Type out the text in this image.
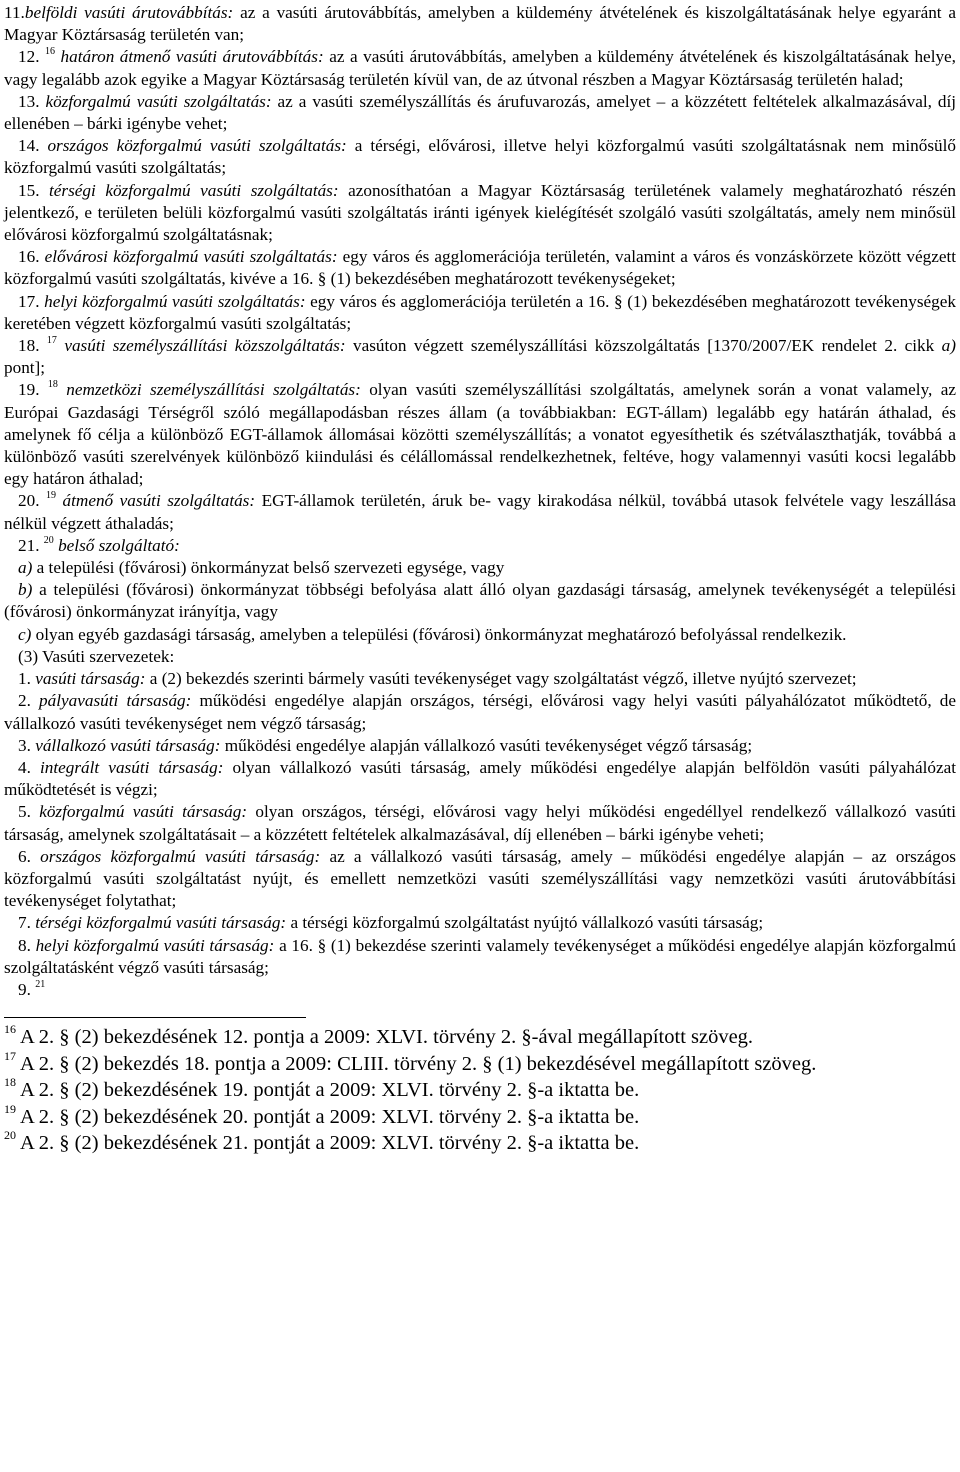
11.belföldi vasúti árutovábbítás: az a vasúti árutovábbítás, amelyben a küldemény átvételének és kiszolgáltatásának helye egyaránt a Magyar Köztársaság területén van;

12. $^{16}$ határon átmenő vasúti árutovábbítás: az a vasúti árutovábbítás, amelyben a küldemény átvételének és kiszolgáltatásának helye, vagy legalább azok egyike a Magyar Köztársaság területén kívül van, de az útvonal részben a Magyar Köztársaság területén halad;

13. közforgalmú vasúti szolgáltatás: az a vasúti személyszállítás és árufuvarozás, amelyet – a közzétett feltételek alkalmazásával, díj ellenében – bárki igénybe vehet;

14. országos közforgalmú vasúti szolgáltatás: a térségi, elővárosi, illetve helyi közforgalmú vasúti szolgáltatásnak nem minősülő közforgalmú vasúti szolgáltatás;

15. térségi közforgalmú vasúti szolgáltatás: azonosíthatóan a Magyar Köztársaság területének valamely meghatározható részén jelentkező, e területen belüli közforgalmú vasúti szolgáltatás iránti igények kielégítését szolgáló vasúti szolgáltatás, amely nem minősül elővárosi közforgalmú szolgáltatásnak;

16. elővárosi közforgalmú vasúti szolgáltatás: egy város és agglomerációja területén, valamint a város és vonzáskörzete között végzett közforgalmú vasúti szolgáltatás, kivéve a 16. § (1) bekezdésében meghatározott tevékenységeket;

17. helyi közforgalmú vasúti szolgáltatás: egy város és agglomerációja területén a 16. § (1) bekezdésében meghatározott tevékenységek keretében végzett közforgalmú vasúti szolgáltatás;

18. $^{17}$ vasúti személyszállítási közszolgáltatás: vasúton végzett személyszállítási közszolgáltatás [1370/2007/EK rendelet 2. cikk a) pont];

19. $^{18}$ nemzetközi személyszállítási szolgáltatás: olyan vasúti személyszállítási szolgáltatás, amelynek során a vonat valamely, az Európai Gazdasági Térségről szóló megállapodásban részes állam (a továbbiakban: EGT-állam) legalább egy határán áthalad, és amelynek fő célja a különböző EGT-államok állomásai közötti személyszállítás; a vonatot egyesíthetik és szétválaszthatják, továbbá a különböző vasúti szerelvények különböző kiindulási és célállomással rendelkezhetnek, feltéve, hogy valamennyi vasúti kocsi legalább egy határon áthalad;

20. $^{19}$ átmenő vasúti szolgáltatás: EGT-államok területén, áruk be- vagy kirakodása nélkül, továbbá utasok felvétele vagy leszállása nélkül végzett áthaladás;

21. $^{20}$ belső szolgáltató:

a) a települési (fővárosi) önkormányzat belső szervezeti egysége, vagy

b) a települési (fővárosi) önkormányzat többségi befolyása alatt álló olyan gazdasági társaság, amelynek tevékenységét a települési (fővárosi) önkormányzat irányítja, vagy

c) olyan egyéb gazdasági társaság, amelyben a települési (fővárosi) önkormányzat meghatározó befolyással rendelkezik.

(3) Vasúti szervezetek:

1. vasúti társaság: a (2) bekezdés szerinti bármely vasúti tevékenységet vagy szolgáltatást végző, illetve nyújtó szervezet;

2. pályavasúti társaság: működési engedélye alapján országos, térségi, elővárosi vagy helyi vasúti pályahálózatot működtető, de vállalkozó vasúti tevékenységet nem végző társaság;

3. vállalkozó vasúti társaság: működési engedélye alapján vállalkozó vasúti tevékenységet végző társaság;

4. integrált vasúti társaság: olyan vállalkozó vasúti társaság, amely működési engedélye alapján belföldön vasúti pályahálózat működtetését is végzi;

5. közforgalmú vasúti társaság: olyan országos, térségi, elővárosi vagy helyi működési engedéllyel rendelkező vállalkozó vasúti társaság, amelynek szolgáltatásait – a közzétett feltételek alkalmazásával, díj ellenében – bárki igénybe veheti;

6. országos közforgalmú vasúti társaság: az a vállalkozó vasúti társaság, amely – működési engedélye alapján – az országos közforgalmú vasúti szolgáltatást nyújt, és emellett nemzetközi vasúti személyszállítási vagy nemzetközi vasúti árutovábbítási tevékenységet folytathat;

7. térségi közforgalmú vasúti társaság: a térségi közforgalmú szolgáltatást nyújtó vállalkozó vasúti társaság;

8. helyi közforgalmú vasúti társaság: a 16. § (1) bekezdése szerinti valamely tevékenységet a működési engedélye alapján közforgalmú szolgáltatásként végző vasúti társaság;

9. $^{21}$

$^{16}$ A 2. § (2) bekezdésének 12. pontja a 2009: XLVI. törvény 2. §-ával megállapított szöveg.

$^{17}$ A 2. § (2) bekezdés 18. pontja a 2009: CLIII. törvény 2. § (1) bekezdésével megállapított szöveg.

$^{18}$ A 2. § (2) bekezdésének 19. pontját a 2009: XLVI. törvény 2. §-a iktatta be.

$^{19}$ A 2. § (2) bekezdésének 20. pontját a 2009: XLVI. törvény 2. §-a iktatta be.

$^{20}$ A 2. § (2) bekezdésének 21. pontját a 2009: XLVI. törvény 2. §-a iktatta be.
